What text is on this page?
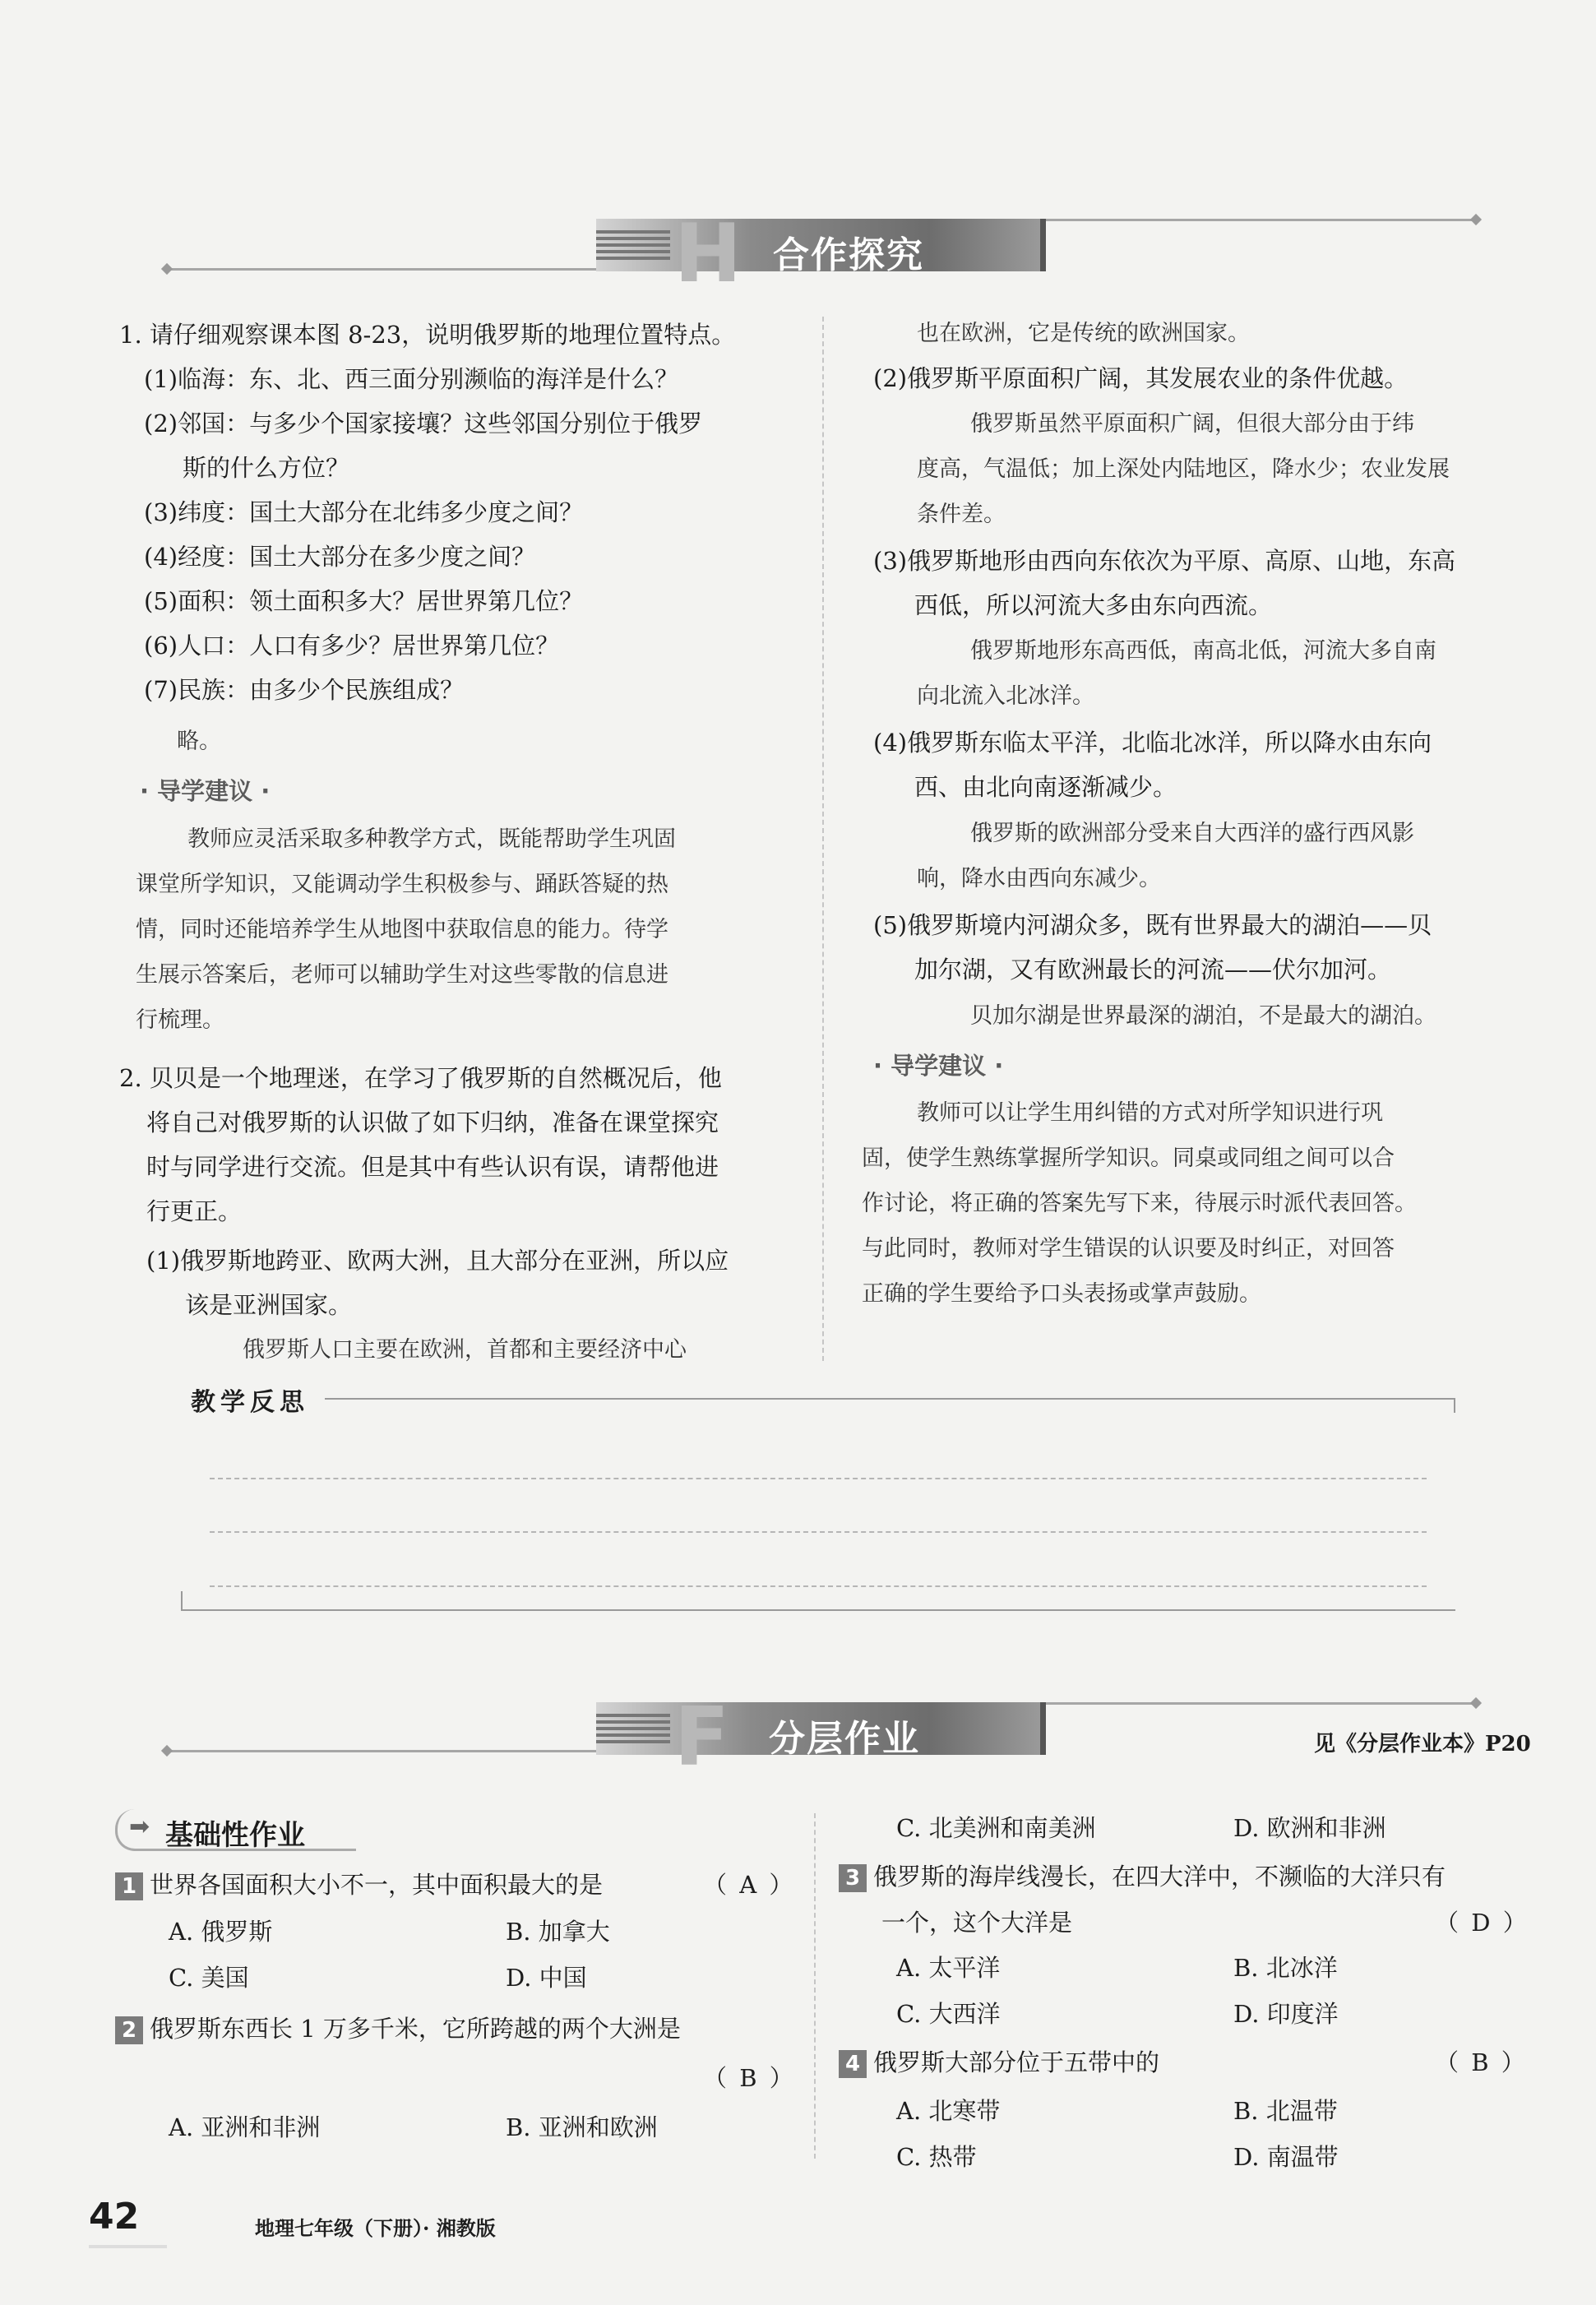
H 合作探究
1. 请仔细观察课本图 8-23，说明俄罗斯的地理位置特点。
(1)临海：东、北、西三面分别濒临的海洋是什么？
(2)邻国：与多少个国家接壤？这些邻国分别位于俄罗
斯的什么方位？
(3)纬度：国土大部分在北纬多少度之间？
(4)经度：国土大部分在多少度之间？
(5)面积：领土面积多大？居世界第几位？
(6)人口：人口有多少？居世界第几位？
(7)民族：由多少个民族组成？
略。
· 导学建议 ·
教师应灵活采取多种教学方式，既能帮助学生巩固
课堂所学知识，又能调动学生积极参与、踊跃答疑的热
情，同时还能培养学生从地图中获取信息的能力。待学
生展示答案后，老师可以辅助学生对这些零散的信息进
行梳理。
2. 贝贝是一个地理迷，在学习了俄罗斯的自然概况后，他
将自己对俄罗斯的认识做了如下归纳，准备在课堂探究
时与同学进行交流。但是其中有些认识有误，请帮他进
行更正。
(1)俄罗斯地跨亚、欧两大洲，且大部分在亚洲，所以应
该是亚洲国家。
俄罗斯人口主要在欧洲，首都和主要经济中心
也在欧洲，它是传统的欧洲国家。
(2)俄罗斯平原面积广阔，其发展农业的条件优越。
俄罗斯虽然平原面积广阔，但很大部分由于纬
度高，气温低；加上深处内陆地区，降水少；农业发展
条件差。
(3)俄罗斯地形由西向东依次为平原、高原、山地，东高
西低，所以河流大多由东向西流。
俄罗斯地形东高西低，南高北低，河流大多自南
向北流入北冰洋。
(4)俄罗斯东临太平洋，北临北冰洋，所以降水由东向
西、由北向南逐渐减少。
俄罗斯的欧洲部分受来自大西洋的盛行西风影
响，降水由西向东减少。
(5)俄罗斯境内河湖众多，既有世界最大的湖泊——贝
加尔湖，又有欧洲最长的河流——伏尔加河。
贝加尔湖是世界最深的湖泊，不是最大的湖泊。
· 导学建议 ·
教师可以让学生用纠错的方式对所学知识进行巩
固，使学生熟练掌握所学知识。同桌或同组之间可以合
作讨论，将正确的答案先写下来，待展示时派代表回答。
与此同时，教师对学生错误的认识要及时纠正，对回答
正确的学生要给予口头表扬或掌声鼓励。
教学反思
F 分层作业	见《分层作业本》P20
➡ 基础性作业
1 世界各国面积大小不一，其中面积最大的是	（ A ）
A. 俄罗斯	B. 加拿大
C. 美国	D. 中国
2 俄罗斯东西长 1 万多千米，它所跨越的两个大洲是
（ B ）
A. 亚洲和非洲	B. 亚洲和欧洲
C. 北美洲和南美洲	D. 欧洲和非洲
3 俄罗斯的海岸线漫长，在四大洋中，不濒临的大洋只有
一个，这个大洋是	（ D ）
A. 太平洋	B. 北冰洋
C. 大西洋	D. 印度洋
4 俄罗斯大部分位于五带中的	（ B ）
A. 北寒带	B. 北温带
C. 热带	D. 南温带
42	地理七年级（下册）· 湘教版
